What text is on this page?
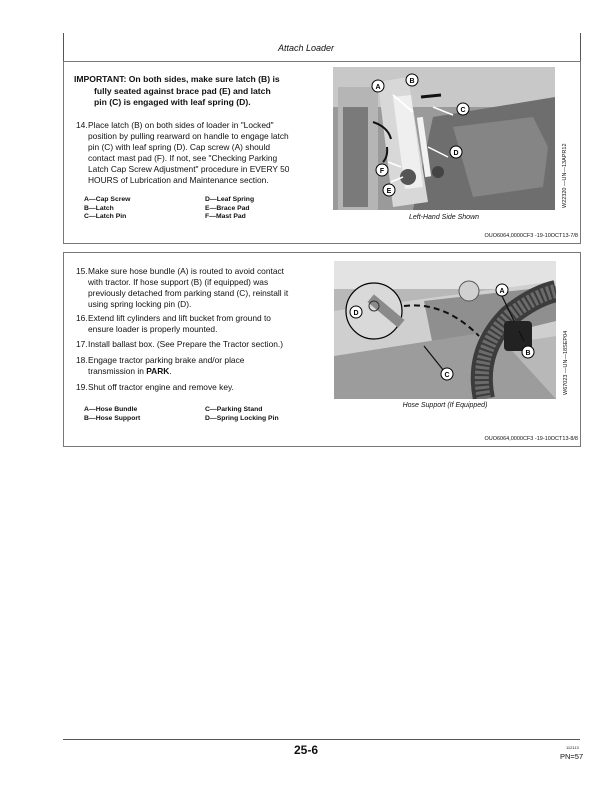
Attach Loader
IMPORTANT: On both sides, make sure latch (B) is
fully seated against brace pad (E) and latch
pin (C) is engaged with leaf spring (D).
14. Place latch (B) on both sides of loader in "Locked"
position by pulling rearward on handle to engage latch
pin (C) with leaf spring (D). Cap screw (A) should
contact mast pad (F). If not, see "Checking Parking
Latch Cap Screw Adjustment" procedure in EVERY 50
HOURS of Lubrication and Maintenance section.
A—Cap Screw
B—Latch
C—Latch Pin
D—Leaf Spring
E—Brace Pad
F—Mast Pad
A
B
C
D
E
F
Left-Hand Side Shown
W22320 —UN—13APR12
OUO6064,0000CF3 -19-10OCT13-7/8
15. Make sure hose bundle (A) is routed to avoid contact
with tractor. If hose support (B) (if equipped) was
previously detached from parking stand (C), reinstall it
using spring locking pin (D).
16. Extend lift cylinders and lift bucket from ground to
ensure loader is properly mounted.
17. Install ballast box. (See Prepare the Tractor section.)
18. Engage tractor parking brake and/or place
transmission in PARK.
19. Shut off tractor engine and remove key.
A—Hose Bundle
B—Hose Support
C—Parking Stand
D—Spring Locking Pin
A
B
C
D
Hose Support (If Equipped)
W67023 —UN—18SEP04
OUO6064,0000CF3 -19-10OCT13-8/8
25-6	112113
PN=57
